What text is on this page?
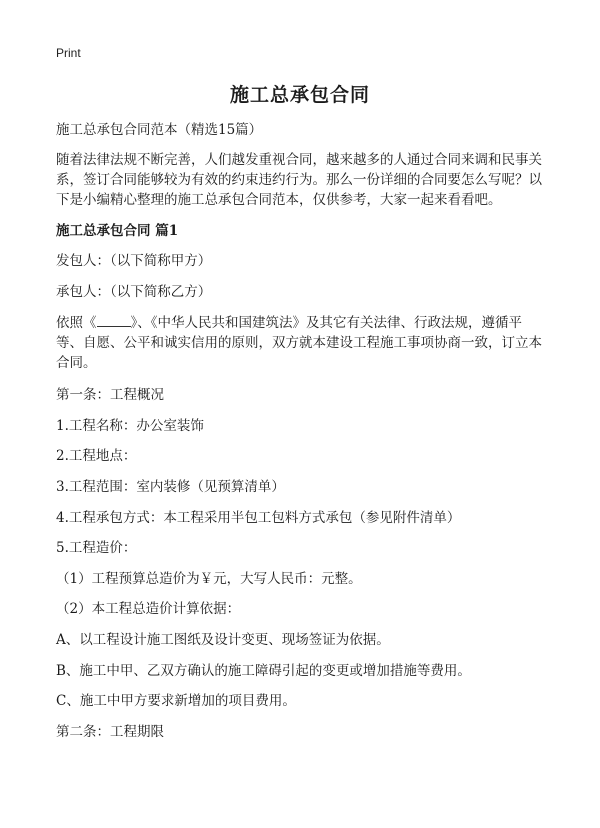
Print
施工总承包合同

施工总承包合同范本（精选15篇）

随着法律法规不断完善，人们越发重视合同，越来越多的人通过合同来调和民事关系，签订合同能够较为有效的约束违约行为。那么一份详细的合同要怎么写呢？以下是小编精心整理的施工总承包合同范本，仅供参考，大家一起来看看吧。

施工总承包合同 篇1

发包人：（以下简称甲方）

承包人：（以下简称乙方）

依照《	》、《中华人民共和国建筑法》及其它有关法律、行政法规，遵循平等、自愿、公平和诚实信用的原则，双方就本建设工程施工事项协商一致，订立本合同。

第一条：工程概况

1.工程名称：办公室装饰

2.工程地点：

3.工程范围：室内装修（见预算清单）

4.工程承包方式：本工程采用半包工包料方式承包（参见附件清单）

5.工程造价：

（1）工程预算总造价为￥元，大写人民币：元整。

（2）本工程总造价计算依据：

A、以工程设计施工图纸及设计变更、现场签证为依据。

B、施工中甲、乙双方确认的施工障碍引起的变更或增加措施等费用。

C、施工中甲方要求新增加的项目费用。

第二条：工程期限
